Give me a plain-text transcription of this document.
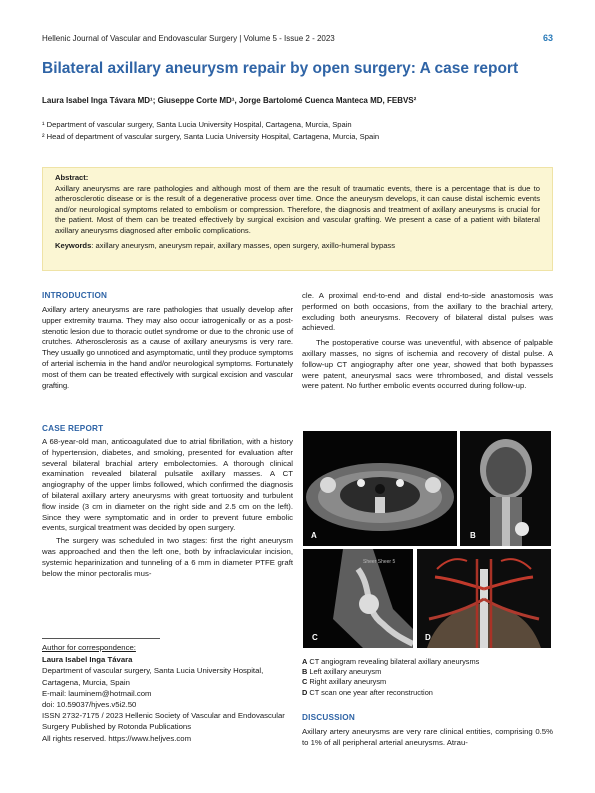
Hellenic Journal of Vascular and Endovascular Surgery | Volume 5 - Issue 2 - 2023	63
Bilateral axillary aneurysm repair by open surgery: A case report
Laura Isabel Inga Távara MD¹; Giuseppe Corte MD¹, Jorge Bartolomé Cuenca Manteca MD, FEBVS²
¹ Department of vascular surgery, Santa Lucia University Hospital, Cartagena, Murcia, Spain
² Head of department of vascular surgery, Santa Lucia University Hospital, Cartagena, Murcia, Spain

Abstract:

Axillary aneurysms are rare pathologies and although most of them are the result of traumatic events, there is a percentage that is due to atherosclerotic disease or is the result of a degenerative process over time. Once the aneurysm develops, it can cause distal ischemic events and/or neurological symptoms related to embolism or compression. Therefore, the diagnosis and treatment of axillary aneurysms is crucial for the patient. Most of them can be treated effectively by surgical excision and vascular grafting. We present a case of a patient with bilateral axillary aneurysms diagnosed after embolic complications.

Keywords: axillary aneurysm, aneurysm repair, axillary masses, open surgery, axillo-humeral bypass

INTRODUCTION

Axillary artery aneurysms are rare pathologies that usually develop after upper extremity trauma. They may also occur iatrogenically or as a post-stenotic lesion due to thoracic outlet syndrome or due to the chronic use of crutches. Atherosclerosis as a cause of axillary aneurysms is very rare. They usually go unnoticed and asymptomatic, until they produce symptoms of arterial ischemia in the hand and/or neurological symptoms. Fortunately most of them can be treated effectively with surgical excision and vascular grafting.

CASE REPORT

A 68-year-old man, anticoagulated due to atrial fibrillation, with a history of hypertension, diabetes, and smoking, presented for evaluation after several bilateral brachial artery embolectomies. A thorough clinical examination revealed bilateral pulsatile axillary masses. A CT angiography of the upper limbs followed, which confirmed the diagnosis of bilateral axillary artery aneurysms with great tortuosity and turbulent flow inside (3 cm in diameter on the right side and 2.5 cm on the left). Since they were symptomatic and in order to prevent future embolic events, surgical treatment was decided by open surgery.

The surgery was scheduled in two stages: first the right aneurysm was approached and then the left one, both by infraclavicular incision, systemic heparinization and tunneling of a 6 mm in diameter PTFE graft below the minor pectoralis mus-

Author for correspondence:
Laura Isabel Inga Távara
Department of vascular surgery, Santa Lucia University Hospital, Cartagena, Murcia, Spain
E-mail: lauminem@hotmail.com
doi: 10.59037/hjves.v5i2.50
ISSN 2732-7175 / 2023 Hellenic Society of Vascular and Endovascular Surgery Published by Rotonda Publications
All rights reserved. https://www.heljves.com

cle. A proximal end-to-end and distal end-to-side anastomosis was performed on both occasions, from the axillary to the brachial artery, excluding both aneurysms. Recovery of bilateral distal pulses was achieved.

The postoperative course was uneventful, with absence of palpable axillary masses, no signs of ischemia and recovery of distal pulse. A follow-up CT angiography after one year, showed that both bypasses were patent, aneurysmal sacs were trhrombosed, and distal vessels were patent. No further embolic events occurred during follow-up.

A	B
Sheer Sheer 5
C	D
A CT angiogram revealing bilateral axillary aneurysms
B Left axillary aneurysm
C Right axillary aneurysm
D CT scan one year after reconstruction
DISCUSSION
Axillary artery aneurysms are very rare clinical entities, comprising 0.5% to 1% of all peripheral arterial aneurysms. Atrau-
